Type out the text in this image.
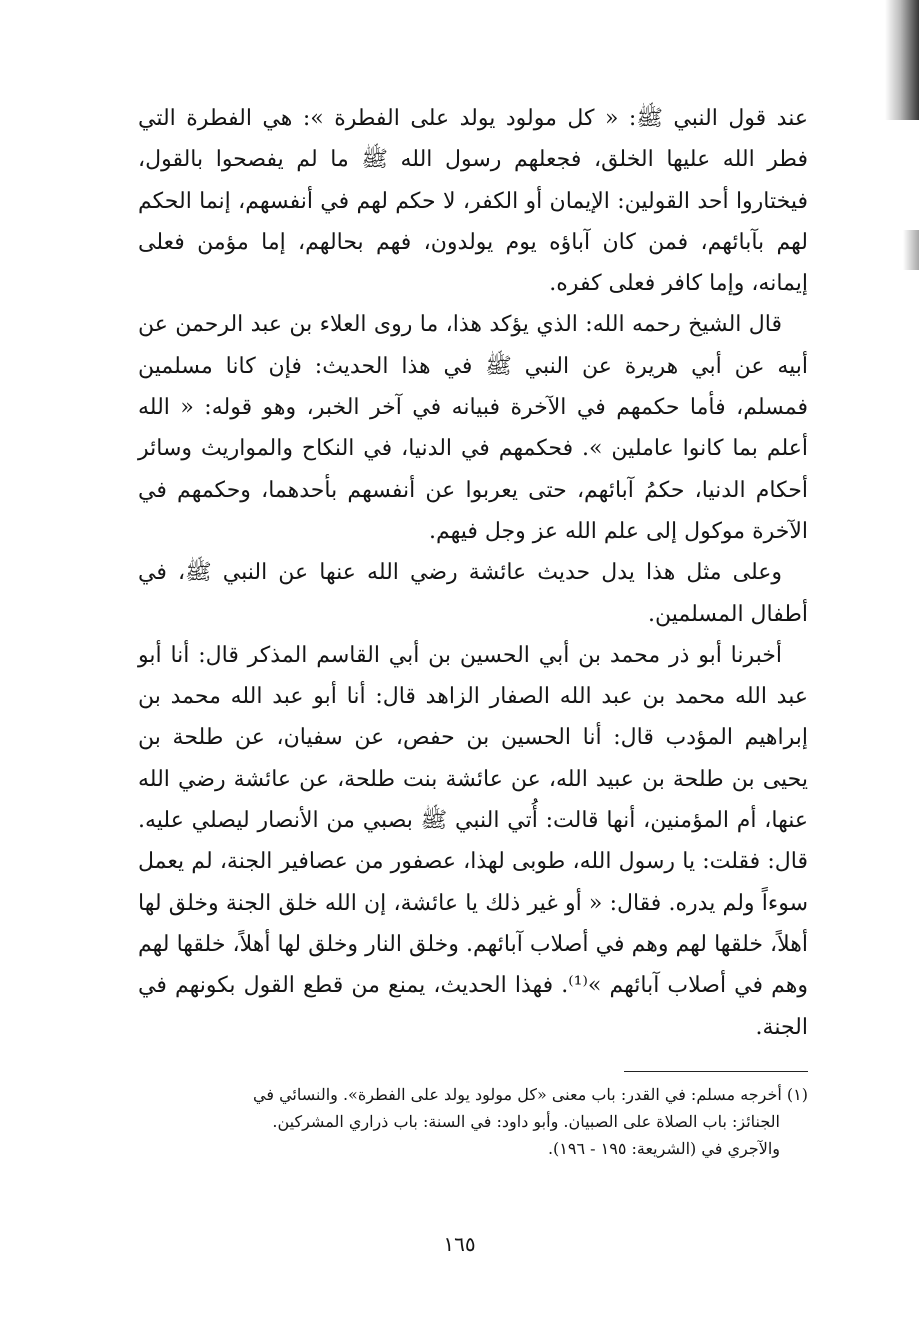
عند قول النبي ﷺ: « كل مولود يولد على الفطرة »: هي الفطرة التي فطر الله عليها الخلق، فجعلهم رسول الله ﷺ ما لم يفصحوا بالقول، فيختاروا أحد القولين: الإيمان أو الكفر، لا حكم لهم في أنفسهم، إنما الحكم لهم بآبائهم، فمن كان آباؤه يوم يولدون، فهم بحالهم، إما مؤمن فعلى إيمانه، وإما كافر فعلى كفره.

قال الشيخ رحمه الله: الذي يؤكد هذا، ما روى العلاء بن عبد الرحمن عن أبيه عن أبي هريرة عن النبي ﷺ في هذا الحديث: فإن كانا مسلمين فمسلم، فأما حكمهم في الآخرة فبيانه في آخر الخبر، وهو قوله: « الله أعلم بما كانوا عاملين ». فحكمهم في الدنيا، في النكاح والمواريث وسائر أحكام الدنيا، حكمُ آبائهم، حتى يعربوا عن أنفسهم بأحدهما، وحكمهم في الآخرة موكول إلى علم الله عز وجل فيهم.

وعلى مثل هذا يدل حديث عائشة رضي الله عنها عن النبي ﷺ، في أطفال المسلمين.

أخبرنا أبو ذر محمد بن أبي الحسين بن أبي القاسم المذكر قال: أنا أبو عبد الله محمد بن عبد الله الصفار الزاهد قال: أنا أبو عبد الله محمد بن إبراهيم المؤدب قال: أنا الحسين بن حفص، عن سفيان، عن طلحة بن يحيى بن طلحة بن عبيد الله، عن عائشة بنت طلحة، عن عائشة رضي الله عنها، أم المؤمنين، أنها قالت: أُتي النبي ﷺ بصبي من الأنصار ليصلي عليه. قال: فقلت: يا رسول الله، طوبى لهذا، عصفور من عصافير الجنة، لم يعمل سوءاً ولم يدره. فقال: « أو غير ذلك يا عائشة، إن الله خلق الجنة وخلق لها أهلاً، خلقها لهم وهم في أصلاب آبائهم. وخلق النار وخلق لها أهلاً، خلقها لهم وهم في أصلاب آبائهم »⁽¹⁾. فهذا الحديث، يمنع من قطع القول بكونهم في الجنة.

(١) أخرجه مسلم: في القدر: باب معنى «كل مولود يولد على الفطرة». والنسائي في

الجنائز: باب الصلاة على الصبيان. وأبو داود: في السنة: باب ذراري المشركين.

والآجري في (الشريعة: ١٩٥ - ١٩٦).

١٦٥
